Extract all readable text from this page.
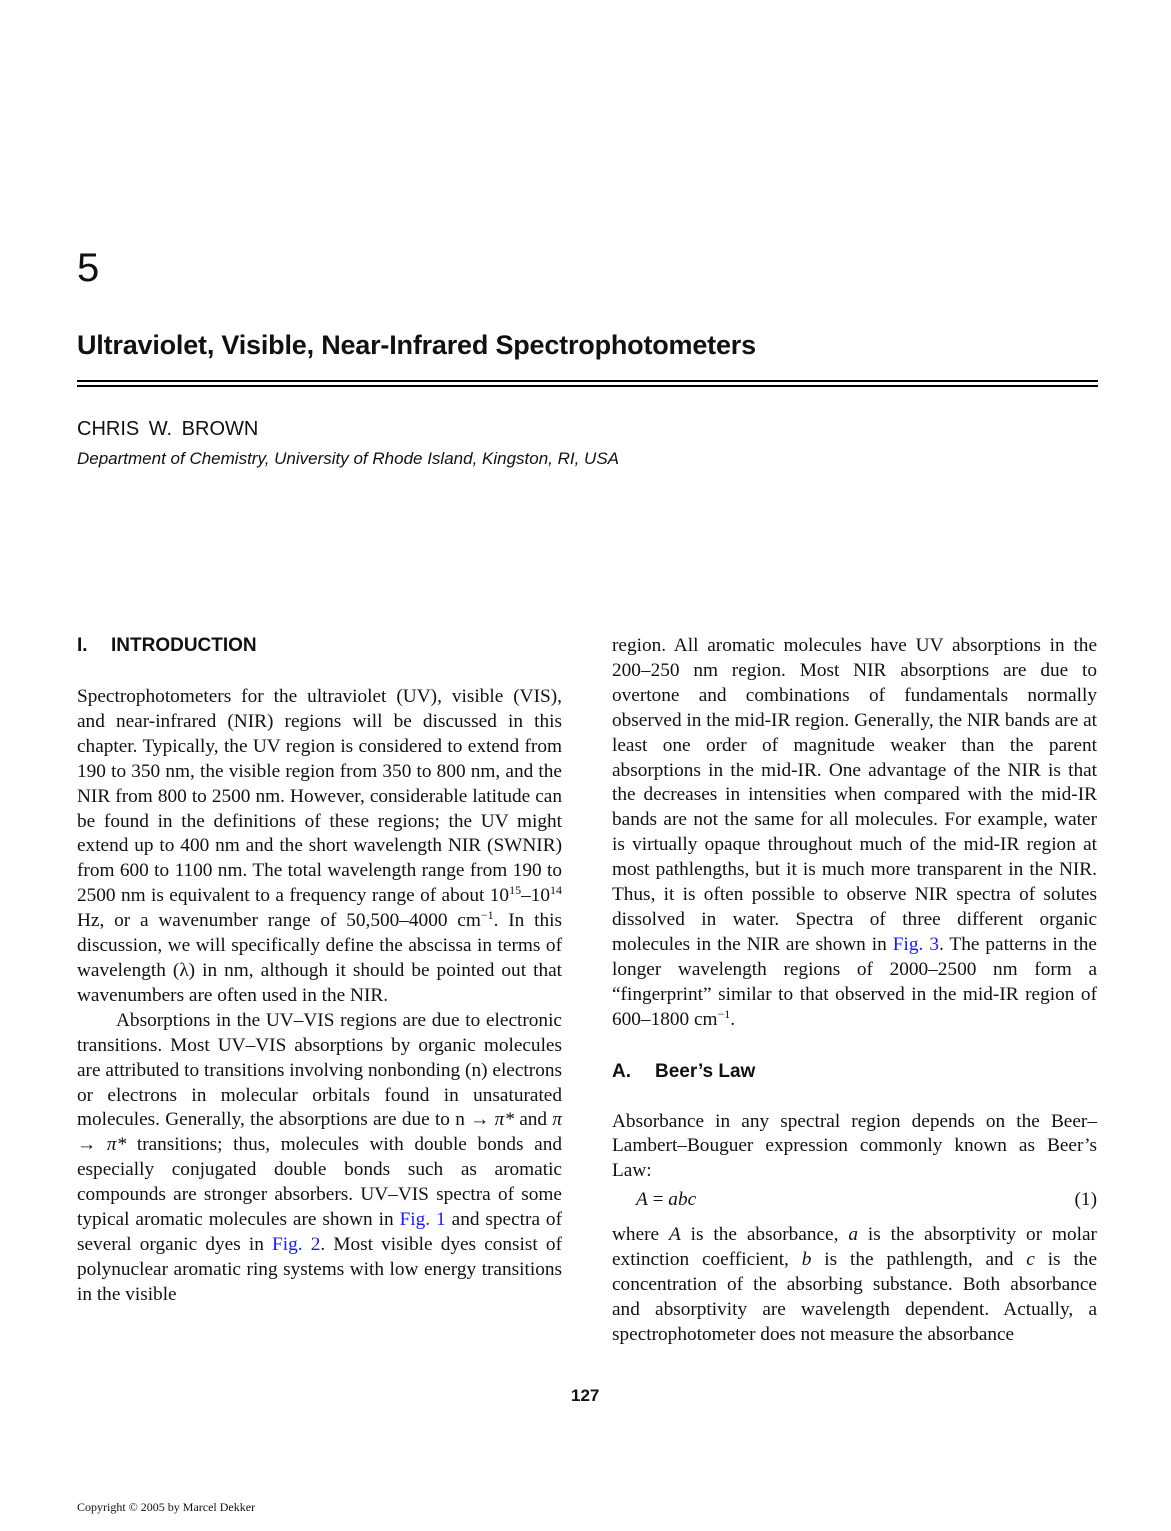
5
Ultraviolet, Visible, Near-Infrared Spectrophotometers
CHRIS W. BROWN
Department of Chemistry, University of Rhode Island, Kingston, RI, USA
I. INTRODUCTION

Spectrophotometers for the ultraviolet (UV), visible (VIS), and near-infrared (NIR) regions will be discussed in this chapter. Typically, the UV region is considered to extend from 190 to 350 nm, the visible region from 350 to 800 nm, and the NIR from 800 to 2500 nm. However, considerable latitude can be found in the definitions of these regions; the UV might extend up to 400 nm and the short wavelength NIR (SWNIR) from 600 to 1100 nm. The total wavelength range from 190 to 2500 nm is equivalent to a frequency range of about $10^{15}-10^{14}$ Hz, or a wavenumber range of 50,500–4000 $cm^{-1}$. In this discussion, we will specifically define the abscissa in terms of wavelength (λ) in nm, although it should be pointed out that wavenumbers are often used in the NIR.

Absorptions in the UV–VIS regions are due to electronic transitions. Most UV–VIS absorptions by organic molecules are attributed to transitions involving nonbonding (n) electrons or electrons in molecular orbitals found in unsaturated molecules. Generally, the absorptions are due to n → π* and π → π* transitions; thus, molecules with double bonds and especially conjugated double bonds such as aromatic compounds are stronger absorbers. UV–VIS spectra of some typical aromatic molecules are shown in Fig. 1 and spectra of several organic dyes in Fig. 2. Most visible dyes consist of polynuclear aromatic ring systems with low energy transitions in the visible

region. All aromatic molecules have UV absorptions in the 200–250 nm region. Most NIR absorptions are due to overtone and combinations of fundamentals normally observed in the mid-IR region. Generally, the NIR bands are at least one order of magnitude weaker than the parent absorptions in the mid-IR. One advantage of the NIR is that the decreases in intensities when compared with the mid-IR bands are not the same for all molecules. For example, water is virtually opaque throughout much of the mid-IR region at most pathlengths, but it is much more transparent in the NIR. Thus, it is often possible to observe NIR spectra of solutes dissolved in water. Spectra of three different organic molecules in the NIR are shown in Fig. 3. The patterns in the longer wavelength regions of 2000–2500 nm form a “fingerprint” similar to that observed in the mid-IR region of 600–1800 $cm^{-1}$.

A. Beer’s Law

Absorbance in any spectral region depends on the Beer–Lambert–Bouguer expression commonly known as Beer’s Law:

A = abc	(1)

where A is the absorbance, a is the absorptivity or molar extinction coefficient, b is the pathlength, and c is the concentration of the absorbing substance. Both absorbance and absorptivity are wavelength dependent. Actually, a spectrophotometer does not measure the absorbance

127
Copyright © 2005 by Marcel Dekker
